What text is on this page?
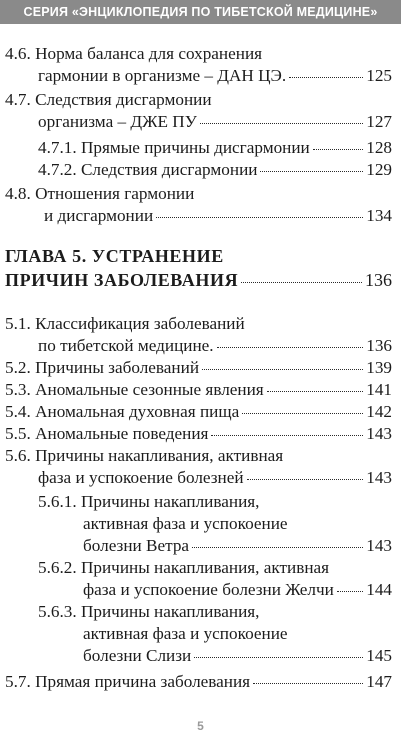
СЕРИЯ «ЭНЦИКЛОПЕДИЯ ПО ТИБЕТСКОЙ МЕДИЦИНЕ»
4.6. Норма баланса для сохранения
гармонии в организме – ДАН ЦЭ.	125
4.7. Следствия дисгармонии
организма – ДЖЕ ПУ	127
4.7.1. Прямые причины дисгармонии	128
4.7.2. Следствия дисгармонии	129
4.8. Отношения гармонии
и дисгармонии	134
ГЛАВА 5. УСТРАНЕНИЕ
ПРИЧИН ЗАБОЛЕВАНИЯ	136
5.1. Классификация заболеваний
по тибетской медицине.	136
5.2. Причины заболеваний	139
5.3. Аномальные сезонные явления	141
5.4. Аномальная духовная пища	142
5.5. Аномальные поведения	143
5.6. Причины накапливания, активная
фаза и успокоение болезней	143
5.6.1. Причины накапливания,
активная фаза и успокоение
болезни Ветра	143
5.6.2. Причины накапливания, активная
фаза и успокоение болезни Желчи 144
5.6.3. Причины накапливания,
активная фаза и успокоение
болезни Слизи	145
5.7. Прямая причина заболевания	147
5
